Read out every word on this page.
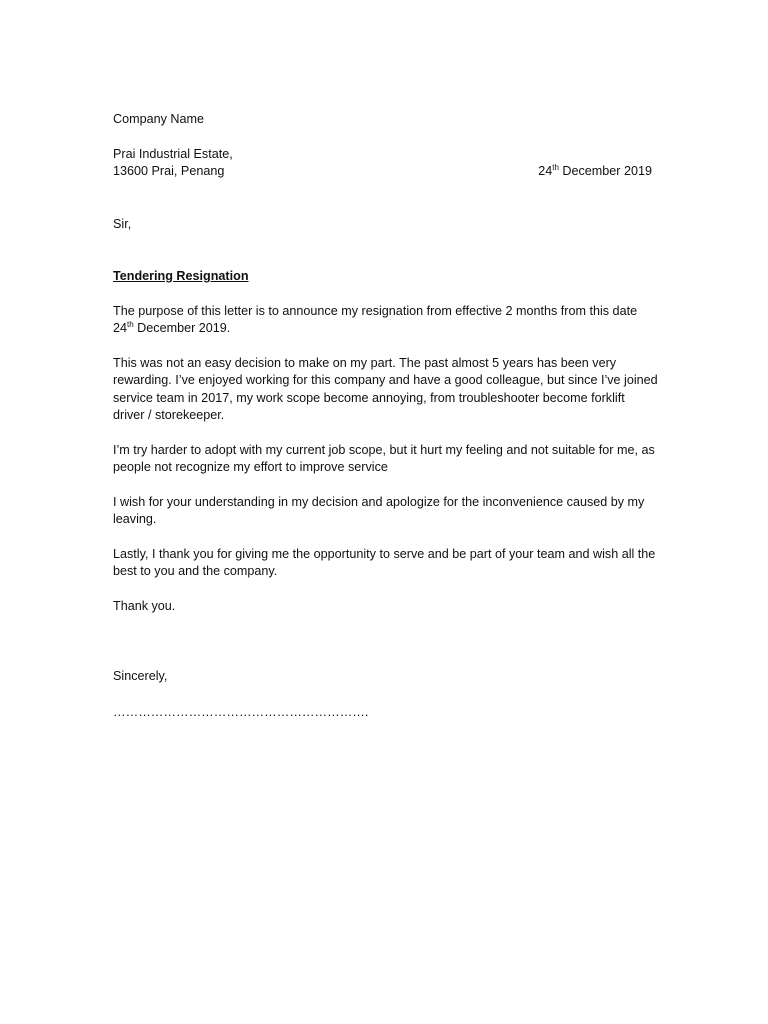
Company Name

Prai Industrial Estate,

13600 Prai, Penang	24th December 2019

Sir,

Tendering Resignation

The purpose of this letter is to announce my resignation from effective 2 months from this date
24th December 2019.

This was not an easy decision to make on my part. The past almost 5 years has been very rewarding. I’ve enjoyed working for this company and have a good colleague, but since I’ve joined service team in 2017, my work scope become annoying, from troubleshooter become forklift driver / storekeeper.

I’m try harder to adopt with my current job scope, but it hurt my feeling and not suitable for me, as people not recognize my effort to improve service

I wish for your understanding in my decision and apologize for the inconvenience caused by my leaving.

Lastly, I thank you for giving me the opportunity to serve and be part of your team and wish all the best to you and the company.

Thank you.

Sincerely,

…………………………………………………….
